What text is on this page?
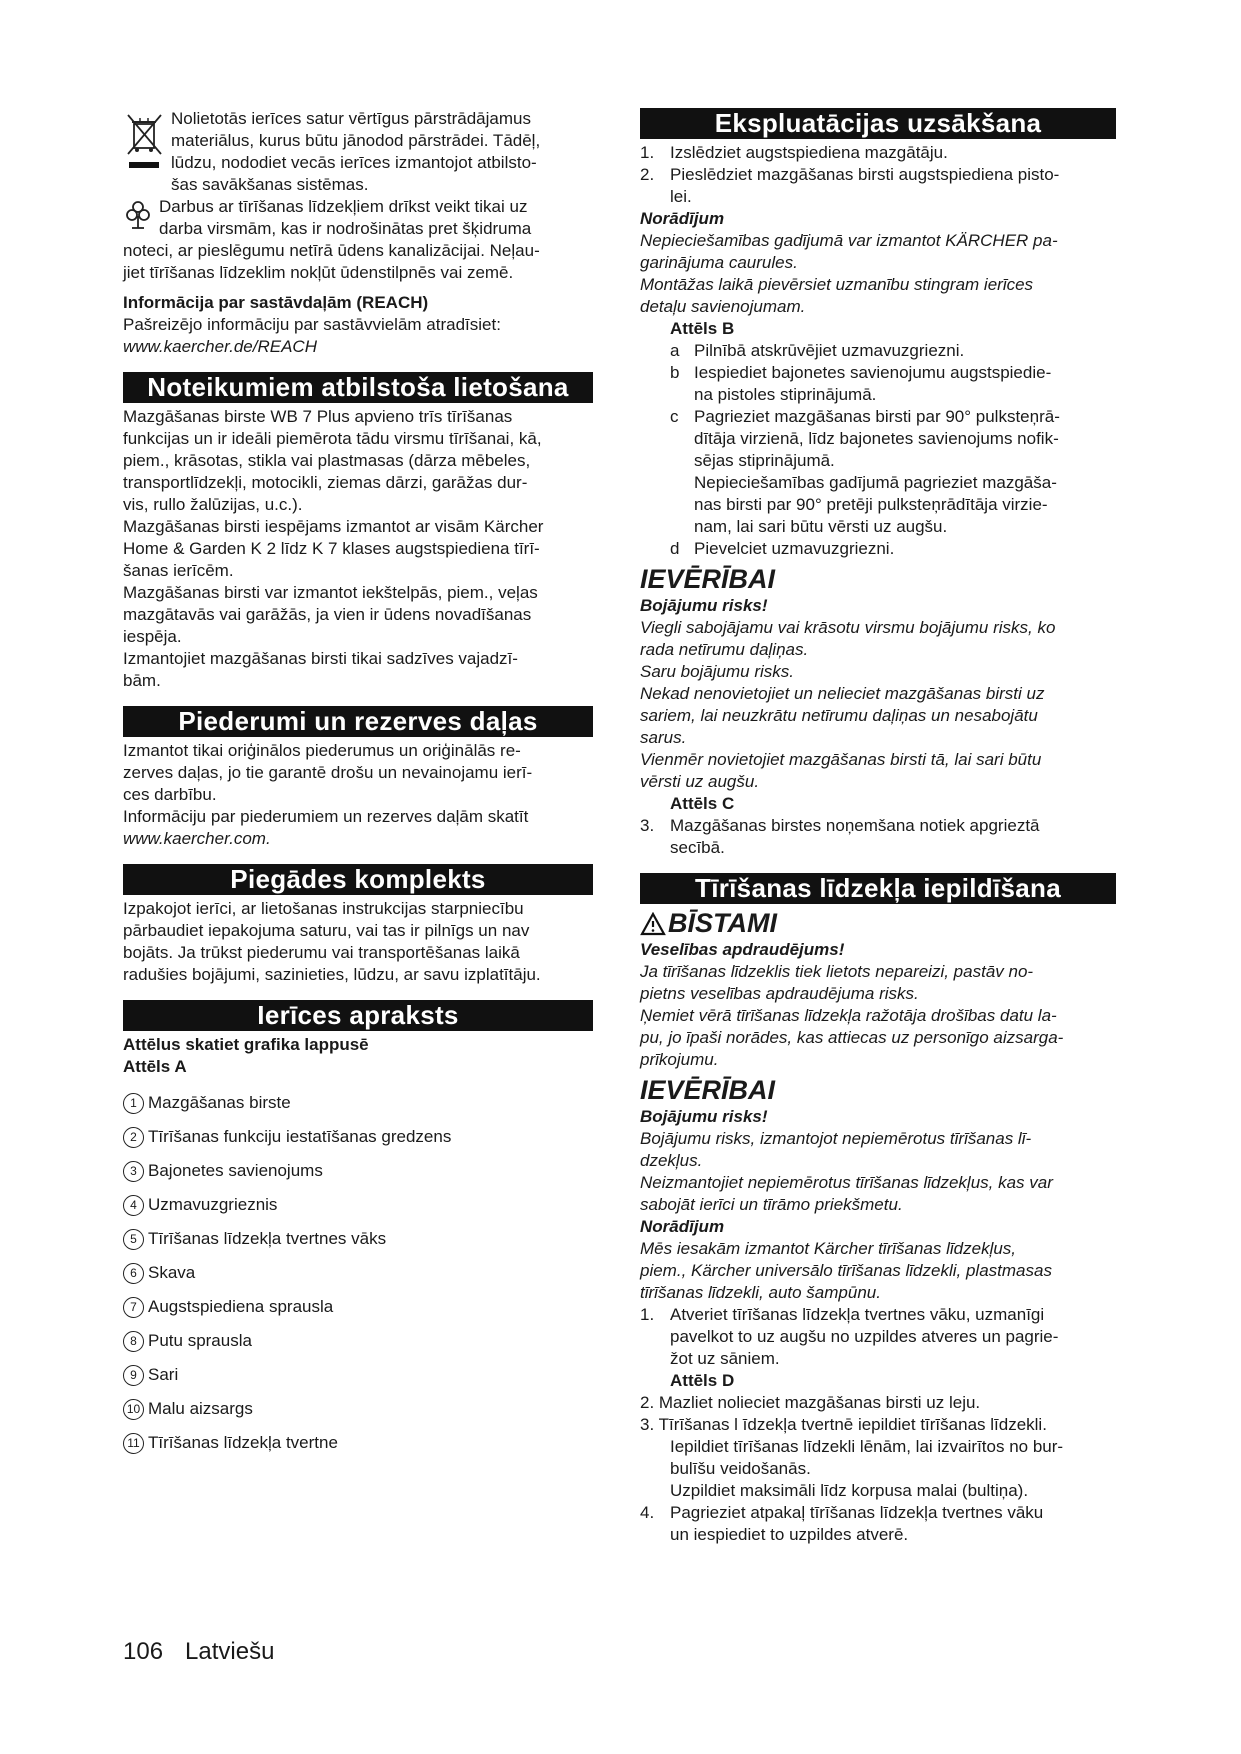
Nolietotās ierīces satur vērtīgus pārstrādājamus

materiālus, kurus būtu jānodod pārstrādei. Tādēļ,

lūdzu, nododiet vecās ierīces izmantojot atbilsto-

šas savākšanas sistēmas.

Darbus ar tīrīšanas līdzekļiem drīkst veikt tikai uz

darba virsmām, kas ir nodrošinātas pret šķidruma

noteci, ar pieslēgumu netīrā ūdens kanalizācijai. Neļau-

jiet tīrīšanas līdzeklim nokļūt ūdenstilpnēs vai zemē.

Informācija par sastāvdaļām (REACH)

Pašreizējo informāciju par sastāvvielām atradīsiet:

www.kaercher.de/REACH

Noteikumiem atbilstoša lietošana

Mazgāšanas birste WB 7 Plus apvieno trīs tīrīšanas

funkcijas un ir ideāli piemērota tādu virsmu tīrīšanai, kā,

piem., krāsotas, stikla vai plastmasas (dārza mēbeles,

transportlīdzekļi, motocikli, ziemas dārzi, garāžas dur-

vis, rullo žalūzijas, u.c.).

Mazgāšanas birsti iespējams izmantot ar visām Kärcher

Home & Garden K 2 līdz K 7 klases augstspiediena tīrī-

šanas ierīcēm.

Mazgāšanas birsti var izmantot iekštelpās, piem., veļas

mazgātavās vai garāžās, ja vien ir ūdens novadīšanas

iespēja.

Izmantojiet mazgāšanas birsti tikai sadzīves vajadzī-

bām.

Piederumi un rezerves daļas

Izmantot tikai oriģinālos piederumus un oriģinālās re-

zerves daļas, jo tie garantē drošu un nevainojamu ierī-

ces darbību.

Informāciju par piederumiem un rezerves daļām skatīt

www.kaercher.com.

Piegādes komplekts

Izpakojot ierīci, ar lietošanas instrukcijas starpniecību

pārbaudiet iepakojuma saturu, vai tas ir pilnīgs un nav

bojāts. Ja trūkst piederumu vai transportēšanas laikā

radušies bojājumi, sazinieties, lūdzu, ar savu izplatītāju.

Ierīces apraksts

Attēlus skatiet grafika lappusē

Attēls A

1 Mazgāšanas birste
2 Tīrīšanas funkciju iestatīšanas gredzens
3 Bajonetes savienojums
4 Uzmavuzgrieznis
5 Tīrīšanas līdzekļa tvertnes vāks
6 Skava
7 Augstspiediena sprausla
8 Putu sprausla
9 Sari
10 Malu aizsargs
11 Tīrīšanas līdzekļa tvertne
Ekspluatācijas uzsākšana

1. Izslēdziet augstspiediena mazgātāju.

2. Pieslēdziet mazgāšanas birsti augstspiediena pisto-

lei.

Norādījum

Nepieciešamības gadījumā var izmantot KÄRCHER pa-

garinājuma caurules.

Montāžas laikā pievērsiet uzmanību stingram ierīces

detaļu savienojumam.

Attēls B

a Pilnībā atskrūvējiet uzmavuzgriezni.

b Iespiediet bajonetes savienojumu augstspiedie-

na pistoles stiprinājumā.

c Pagrieziet mazgāšanas birsti par 90° pulksteņrā-

dītāja virzienā, līdz bajonetes savienojums nofik-

sējas stiprinājumā.

Nepieciešamības gadījumā pagrieziet mazgāša-

nas birsti par 90° pretēji pulksteņrādītāja virzie-

nam, lai sari būtu vērsti uz augšu.

d Pievelciet uzmavuzgriezni.

IEVĒRĪBAI

Bojājumu risks!

Viegli sabojājamu vai krāsotu virsmu bojājumu risks, ko

rada netīrumu daļiņas.

Saru bojājumu risks.

Nekad nenovietojiet un nelieciet mazgāšanas birsti uz

sariem, lai neuzkrātu netīrumu daļiņas un nesabojātu

sarus.

Vienmēr novietojiet mazgāšanas birsti tā, lai sari būtu

vērsti uz augšu.

Attēls C

3. Mazgāšanas birstes noņemšana notiek apgrieztā

secībā.

Tīrīšanas līdzekļa iepildīšana

BĪSTAMI

Veselības apdraudējums!

Ja tīrīšanas līdzeklis tiek lietots nepareizi, pastāv no-

pietns veselības apdraudējuma risks.

Ņemiet vērā tīrīšanas līdzekļa ražotāja drošības datu la-

pu, jo īpaši norādes, kas attiecas uz personīgo aizsarga-

prīkojumu.

IEVĒRĪBAI

Bojājumu risks!

Bojājumu risks, izmantojot nepiemērotus tīrīšanas lī-

dzekļus.

Neizmantojiet nepiemērotus tīrīšanas līdzekļus, kas var

sabojāt ierīci un tīrāmo priekšmetu.

Norādījum

Mēs iesakām izmantot Kärcher tīrīšanas līdzekļus,

piem., Kärcher universālo tīrīšanas līdzekli, plastmasas

tīrīšanas līdzekli, auto šampūnu.

1. Atveriet tīrīšanas līdzekļa tvertnes vāku, uzmanīgi

pavelkot to uz augšu no uzpildes atveres un pagrie-

žot uz sāniem.

Attēls D

2. Mazliet nolieciet mazgāšanas birsti uz leju.

3. Tīrīšanas l īdzekļa tvertnē iepildiet tīrīšanas līdzekli.

Iepildiet tīrīšanas līdzekli lēnām, lai izvairītos no bur-

bulīšu veidošanās.

Uzpildiet maksimāli līdz korpusa malai (bultiņa).

4. Pagrieziet atpakaļ tīrīšanas līdzekļa tvertnes vāku

un iespiediet to uzpildes atverē.

106 Latviešu
